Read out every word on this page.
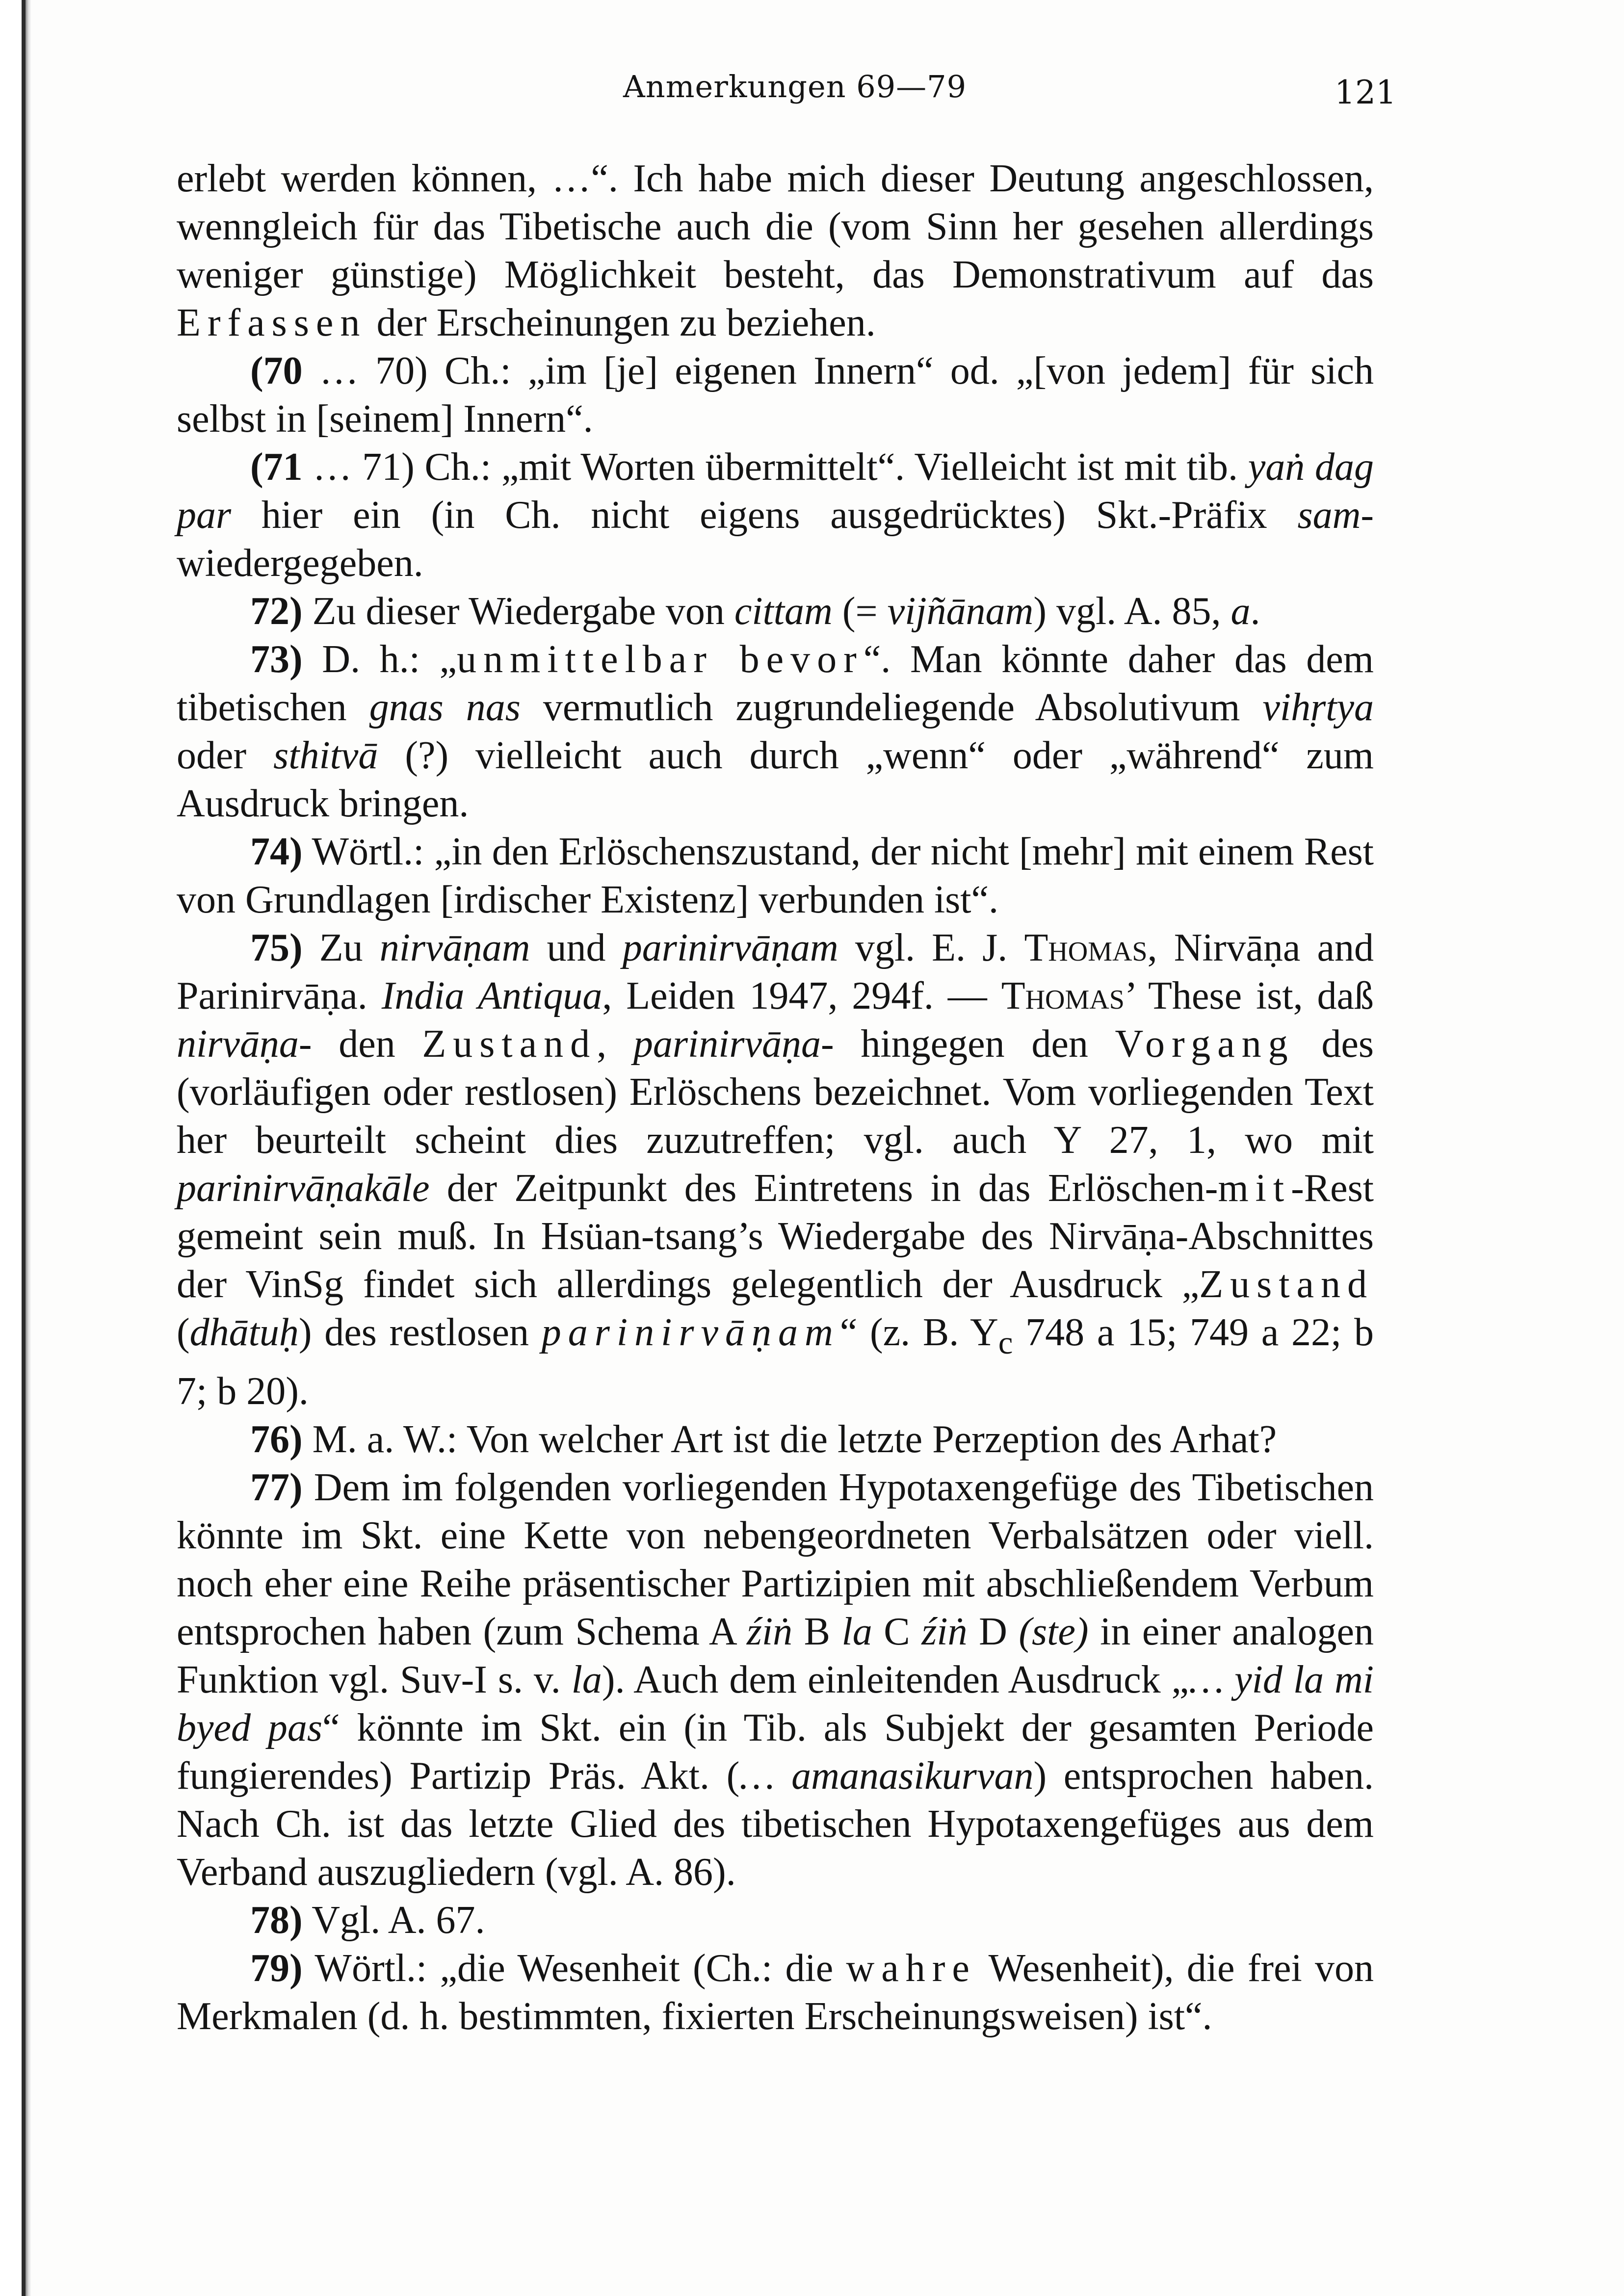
Anmerkungen 69—79	121

erlebt werden können, …“. Ich habe mich dieser Deutung angeschlossen, wenngleich für das Tibetische auch die (vom Sinn her gesehen allerdings weniger günstige) Möglichkeit besteht, das Demonstrativum auf das Erfassen der Erscheinungen zu beziehen.

(70 … 70) Ch.: „im [je] eigenen Innern“ od. „[von jedem] für sich selbst in [seinem] Innern“.

(71 … 71) Ch.: „mit Worten übermittelt“. Vielleicht ist mit tib. yaṅ dag par hier ein (in Ch. nicht eigens ausgedrücktes) Skt.-Präfix sam- wiedergegeben.

72) Zu dieser Wiedergabe von cittam (= vijñānam) vgl. A. 85, a.

73) D. h.: „unmittelbar bevor“. Man könnte daher das dem tibetischen gnas nas vermutlich zugrundeliegende Absolutivum vihṛtya oder sthitvā (?) vielleicht auch durch „wenn“ oder „während“ zum Ausdruck bringen.

74) Wörtl.: „in den Erlöschenszustand, der nicht [mehr] mit einem Rest von Grundlagen [irdischer Existenz] verbunden ist“.

75) Zu nirvāṇam und parinirvāṇam vgl. E. J. Thomas, Nirvāṇa and Parinirvāṇa. India Antiqua, Leiden 1947, 294f. — Thomas’ These ist, daß nirvāṇa- den Zustand, parinirvāṇa- hingegen den Vorgang des (vorläufigen oder restlosen) Erlöschens bezeichnet. Vom vorliegenden Text her beurteilt scheint dies zuzutreffen; vgl. auch Y 27, 1, wo mit parinirvāṇakāle der Zeitpunkt des Eintretens in das Erlöschen-mit-Rest gemeint sein muß. In Hsüan-tsang’s Wiedergabe des Nirvāṇa-Abschnittes der VinSg findet sich allerdings gelegentlich der Ausdruck „Zustand (dhātuḥ) des restlosen parinirvāṇam“ (z. B. $Y_c$ 748 a 15; 749 a 22; b 7; b 20).

76) M. a. W.: Von welcher Art ist die letzte Perzeption des Arhat?

77) Dem im folgenden vorliegenden Hypotaxengefüge des Tibetischen könnte im Skt. eine Kette von nebengeordneten Verbalsätzen oder viell. noch eher eine Reihe präsentischer Partizipien mit abschließendem Verbum entsprochen haben (zum Schema A źiṅ B la C źiṅ D (ste) in einer analogen Funktion vgl. Suv-I s. v. la). Auch dem einleitenden Ausdruck „… yid la mi byed pas“ könnte im Skt. ein (in Tib. als Subjekt der gesamten Periode fungierendes) Partizip Präs. Akt. (… amanasikurvan) entsprochen haben. Nach Ch. ist das letzte Glied des tibetischen Hypotaxengefüges aus dem Verband auszugliedern (vgl. A. 86).

78) Vgl. A. 67.

79) Wörtl.: „die Wesenheit (Ch.: die wahre Wesenheit), die frei von Merkmalen (d. h. bestimmten, fixierten Erscheinungsweisen) ist“.
